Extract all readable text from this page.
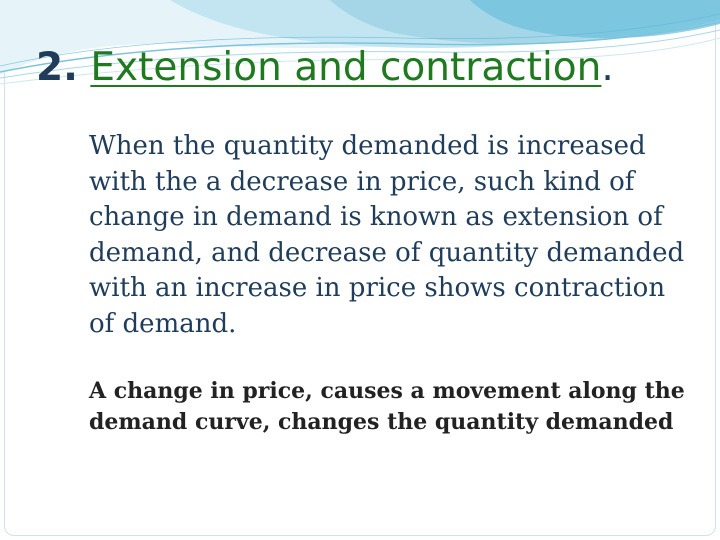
2. Extension and contraction.

When the quantity demanded is increased with the a decrease in price, such kind of change in demand is known as extension of demand, and decrease of quantity demanded with an increase in price shows contraction of demand.

A change in price, causes a movement along the demand curve, changes the quantity demanded
